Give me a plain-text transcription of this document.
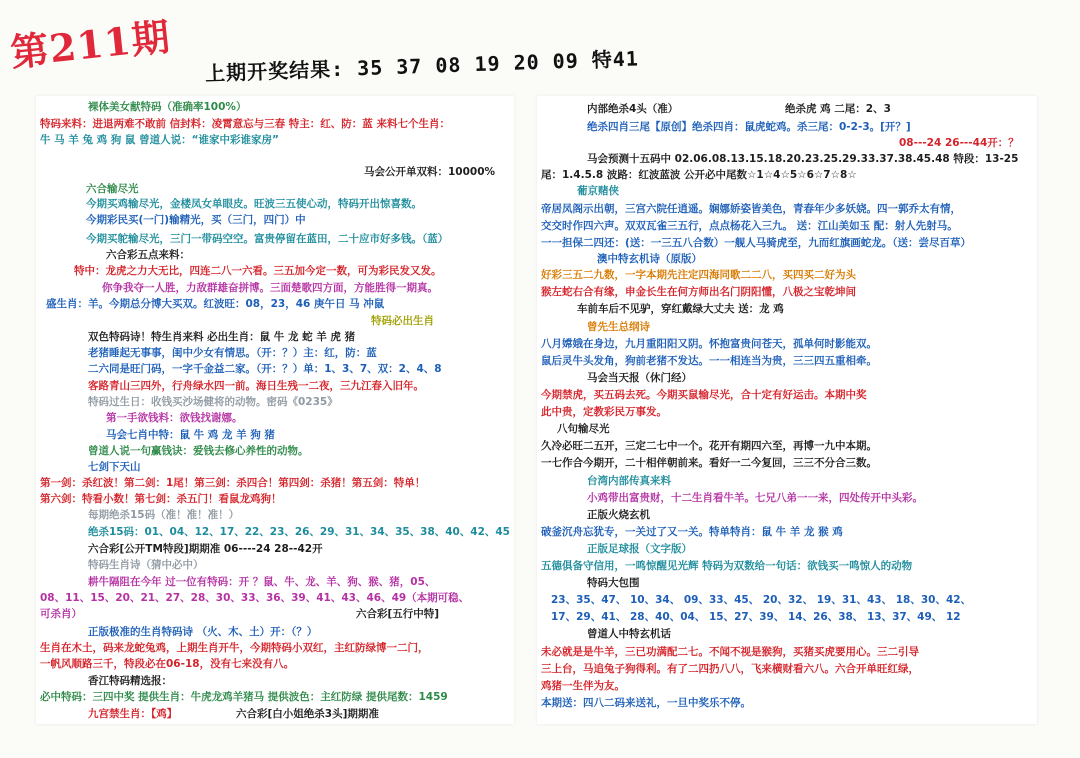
第211期 上期开奖结果: 35 37 08 19 20 09 特41
裸体美女献特码（准确率100%）
特码来料：进退两难不敢前 信封料：凌霄意忘与三春 特主：红、防：蓝 来料七个生肖：
牛 马 羊 兔 鸡 狗 鼠 曾道人说：“谁家中彩谁家房”
马会公开单双料：10000%
六合输尽光
今期买鸡输尽光，金楼凤女单眼皮。旺波三五使心动，特码开出惊喜数。
今期彩民买(一门)输精光，买（三门，四门）中
今期买鸵输尽光，三门一带码空空。富贵停留在蓝田，二十应市好多钱。（蓝）
六合彩五点来料：
特中：龙虎之力大无比，四连二八一六看。三五加今定一数，可为彩民发又发。
你争我夺一人胜，力敌群雄奋拼博。三面楚歌四方面，方能胜得一期真。
盛生肖：羊。今期总分博大买双。红波旺：08，23，46 庚午日 马 冲鼠
特码必出生肖
双色特码诗！特生肖来料 必出生肖：鼠 牛 龙 蛇 羊 虎 猪
老猪睡起无事事，闺中少女有情思。（开：？）主：红，防：蓝
二六同是旺门码，一字千金益二家。（开：？）单：1、3、7、双：2、4、8
客路青山三四外，行舟绿水四一前。海日生残一二夜，三九江春入旧年。
特码过生日：收钱买沙场健将的动物。密码《0235》
第一手欲钱料：欲钱找谢娜。
马会七肖中特：鼠 牛 鸡 龙 羊 狗 猪
曾道人说一句赢钱诀：爱钱去修心养性的动物。
七剑下天山
第一剑：杀红波！第二剑：1尾！第三剑：杀四合！第四剑：杀猪！第五剑：特单！
第六剑：特看小数！第七剑：杀五门！看鼠龙鸡狗！
每期绝杀15码（准！准！准！）
绝杀15码：01、04、12、17、22、23、26、29、31、34、35、38、40、42、45
六合彩[公开TM特段]期期准 06----24 28--42开
特码生肖诗（猜中必中）
耕牛隔阻在今年 过一位有特码：开 ？鼠、牛、龙、羊、狗、猴、猪，05、
08、11、15、20、21、27、28、30、33、36、39、41、43、46、49（本期可稳、
可杀肖）	六合彩[五行中特]
正版极准的生肖特码诗 （火、木、土）开：（？）
生肖在木土，码来龙蛇兔鸡，上期生肖开牛，今期特码小双红，主红防绿博一二门，
一帆风顺路三千，特段必在06-18，没有七来没有八。
香江特码精选报：
必中特码：三四中奖 提供生肖：牛虎龙鸡羊猪马 提供波色：主红防绿 提供尾数：1459
九宫禁生肖：【鸡】	六合彩[白小姐绝杀3头]期期准
内部绝杀4头（准）	绝杀虎 鸡 二尾：2、3
绝杀四肖三尾【原创】绝杀四肖：鼠虎蛇鸡。杀三尾：0-2-3。[开？]
08---24 26---44开：？
马会预测十五码中 02.06.08.13.15.18.20.23.25.29.33.37.38.45.48 特段：13-25
尾：1.4.5.8 波路：红波蓝波 公开必中尾数☆1☆4☆5☆6☆7☆8☆
葡京赌侠
帝居凤阁示出朝，三宫六院任逍遥。娴娜娇姿皆美色，青春年少多妖娆。四一郭乔太有情，
交交时作四六声。双双瓦雀三五行，点点杨花入三九。 送：江山美如玉 配：射人先射马。
一一担保二四还：(送：一三五八合数）一舰人马骑虎至，九而红旗画蛇龙。（送：尝尽百草）
澳中特玄机诗（原版）
好彩三五二九数，一字本期先注定四海同歌二二八，买四买二好为头
猴左蛇右合有缘，申金长生在何方师出名门阴阳懂，八极之宝乾坤间
车前车后不见驴，穿红戴绿大丈夫 送：龙 鸡
曾先生总纲诗
八月嫦娥在身边，九月重阳阳又阴。怀抱富贵问苍天，孤单何时影能双。
鼠后灵牛头发角，狗前老猪不发达。一一相连当为贵，三三四五重相牵。
马会当天报（休门经）
今期禁虎，买五码去死。今期买鼠输尽光，合十定有好运击。本期中奖
此中贵，定教彩民万事发。
八句输尽光
久冷必旺二五开，三定二七中一个。花开有期四六至，再博一九中本期。
一七作合今期开，二十相伴朝前来。看好一二今复回，三三不分合三数。
台湾内部传真来料
小鸡带出富贵财，十二生肖看牛羊。七兄八弟一一来，四处传开中头彩。
正版火烧玄机
破釜沉舟忘犹专，一关过了又一关。特单特肖：鼠 牛 羊 龙 猴 鸡
正版足球报（文字版）
五德俱备守信用，一鸣惊醒见光辉 特码为双数给一句话：欲钱买一鸣惊人的动物
特码大包围
23、35、47、 10、34、 09、33、45、 20、32、 19、31、43、 18、30、42、
17、29、41、 28、40、04、 15、27、39、 14、26、38、 13、37、49、 12
曾道人中特玄机话
未必就是是牛羊，三已功满配二七。不闻不视是猴狗，买猪买虎要用心。三二引导
三上台，马追兔子狗得利。有了二四扔八八，飞来横财看六八。六合开单旺红绿，
鸡猪一生伴为友。
本期送：四八二码来送礼，一旦中奖乐不停。
